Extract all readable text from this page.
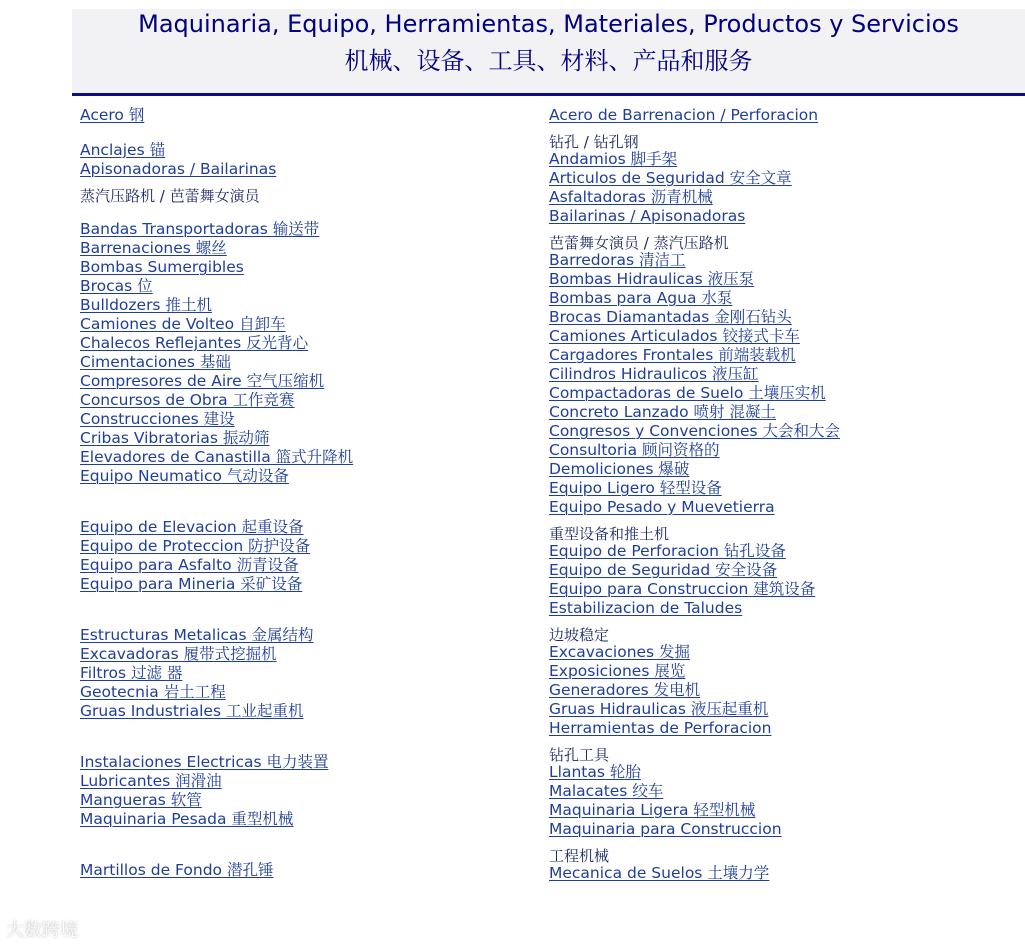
Maquinaria, Equipo, Herramientas, Materiales, Productos y Servicios
机械、设备、工具、材料、产品和服务
Acero 钢
Anclajes 锚
Apisonadoras / Bailarinas
蒸汽压路机 / 芭蕾舞女演员
Bandas Transportadoras 输送带
Barrenaciones 螺丝
Bombas Sumergibles
Brocas 位
Bulldozers 推土机
Camiones de Volteo 自卸车
Chalecos Reflejantes 反光背心
Cimentaciones 基础
Compresores de Aire 空气压缩机
Concursos de Obra 工作竞赛
Construcciones 建设
Cribas Vibratorias 振动筛
Elevadores de Canastilla 篮式升降机
Equipo Neumatico 气动设备
Equipo de Elevacion 起重设备
Equipo de Proteccion 防护设备
Equipo para Asfalto 沥青设备
Equipo para Mineria 采矿设备
Estructuras Metalicas 金属结构
Excavadoras 履带式挖掘机
Filtros 过滤 器
Geotecnia 岩土工程
Gruas Industriales 工业起重机
Instalaciones Electricas 电力装置
Lubricantes 润滑油
Mangueras 软管
Maquinaria Pesada 重型机械
Martillos de Fondo 潜孔锤
Acero de Barrenacion / Perforacion
钻孔 / 钻孔钢
Andamios 脚手架
Articulos de Seguridad 安全文章
Asfaltadoras 沥青机械
Bailarinas / Apisonadoras
芭蕾舞女演员 / 蒸汽压路机
Barredoras 清洁工
Bombas Hidraulicas 液压泵
Bombas para Agua 水泵
Brocas Diamantadas 金刚石钻头
Camiones Articulados 铰接式卡车
Cargadores Frontales 前端装载机
Cilindros Hidraulicos 液压缸
Compactadoras de Suelo 土壤压实机
Concreto Lanzado 喷射 混凝土
Congresos y Convenciones 大会和大会
Consultoria 顾问资格的
Demoliciones 爆破
Equipo Ligero 轻型设备
Equipo Pesado y Muevetierra
重型设备和推土机
Equipo de Perforacion 钻孔设备
Equipo de Seguridad 安全设备
Equipo para Construccion 建筑设备
Estabilizacion de Taludes
边坡稳定
Excavaciones 发掘
Exposiciones 展览
Generadores 发电机
Gruas Hidraulicas 液压起重机
Herramientas de Perforacion
钻孔工具
Llantas 轮胎
Malacates 绞车
Maquinaria Ligera 轻型机械
Maquinaria para Construccion
工程机械
Mecanica de Suelos 土壤力学
大数跨境
